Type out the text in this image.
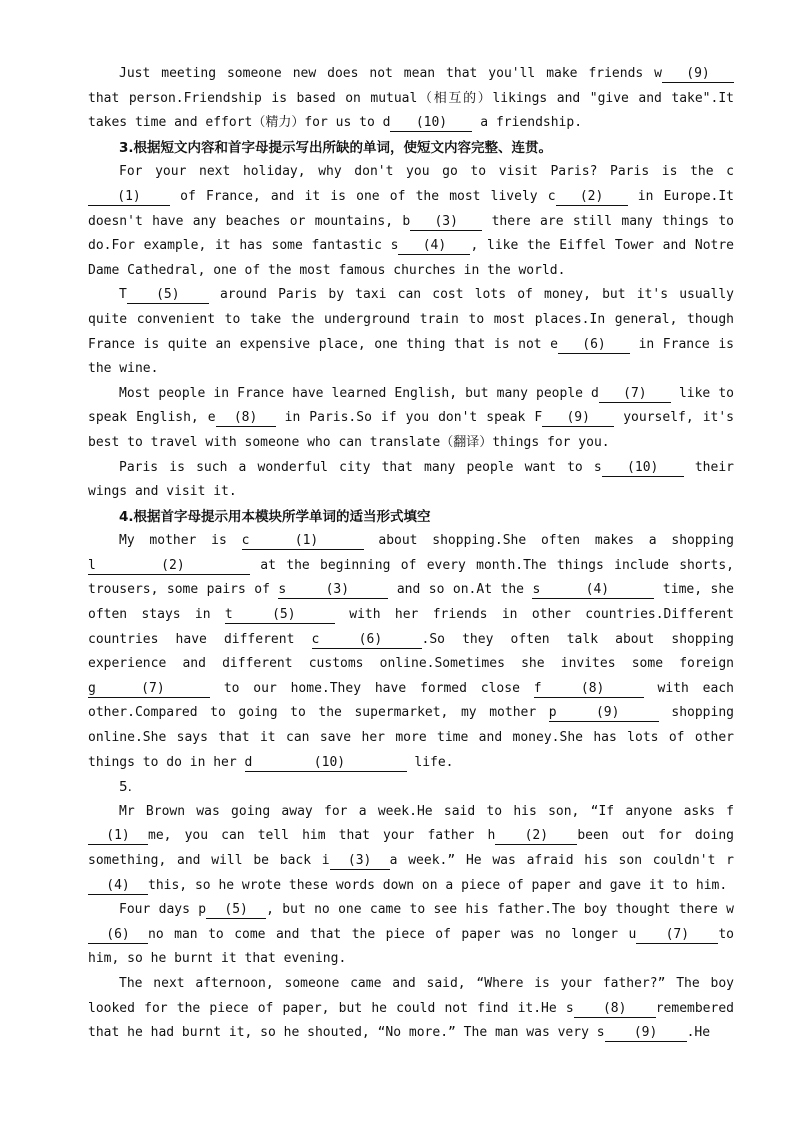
Just meeting someone new does not mean that you'll make friends w (9) that person.Friendship is based on mutual（相互的）likings and "give and take".It takes time and effort（精力）for us to d (10) a friendship.

3.根据短文内容和首字母提示写出所缺的单词，使短文内容完整、连贯。

For your next holiday, why don't you go to visit Paris? Paris is the c(1) of France, and it is one of the most lively c (2) in Europe.It doesn't have any beaches or mountains, b (3) there are still many things to do.For example, it has some fantastic s (4) , like the Eiffel Tower and Notre Dame Cathedral, one of the most famous churches in the world.

T (5) around Paris by taxi can cost lots of money, but it's usually quite convenient to take the underground train to most places.In general, though France is quite an expensive place, one thing that is not e (6) in France is the wine.

Most people in France have learned English, but many people d (7) like to speak English, e (8) in Paris.So if you don't speak F (9) yourself, it's best to travel with someone who can translate（翻译）things for you.

Paris is such a wonderful city that many people want to s (10) their wings and visit it.

4.根据首字母提示用本模块所学单词的适当形式填空

My mother is c	(1)	about shopping.She often makes a shopping
l	(2)	at the beginning of every month.The things include shorts, trousers, some pairs of s	(3)	and so on.At the s	(4)	time, she often stays in t	(5)	with her friends in other countries.Different countries have different c	(6)	.So they often talk about shopping experience and different customs online.Sometimes she invites some foreign
g	(7)	to our home.They have formed close f	(8)	with each other.Compared to going to the supermarket, my mother p	(9)	shopping online.She says that it can save her more time and money.She has lots of other things to do in her d	(10)	life.

5.

Mr Brown was going away for a week.He said to his son, “If anyone asks f(1) me, you can tell him that your father h (2) been out for doing something, and will be back i (3) a week.” He was afraid his son couldn't r(4) this, so he wrote these words down on a piece of paper and gave it to him.

Four days p (5) , but no one came to see his father.The boy thought there w(6) no man to come and that the piece of paper was no longer u (7) to him, so he burnt it that evening.

The next afternoon, someone came and said, “Where is your father?” The boy looked for the piece of paper, but he could not find it.He s (8) remembered that he had burnt it, so he shouted, “No more.” The man was very s (9) .He
